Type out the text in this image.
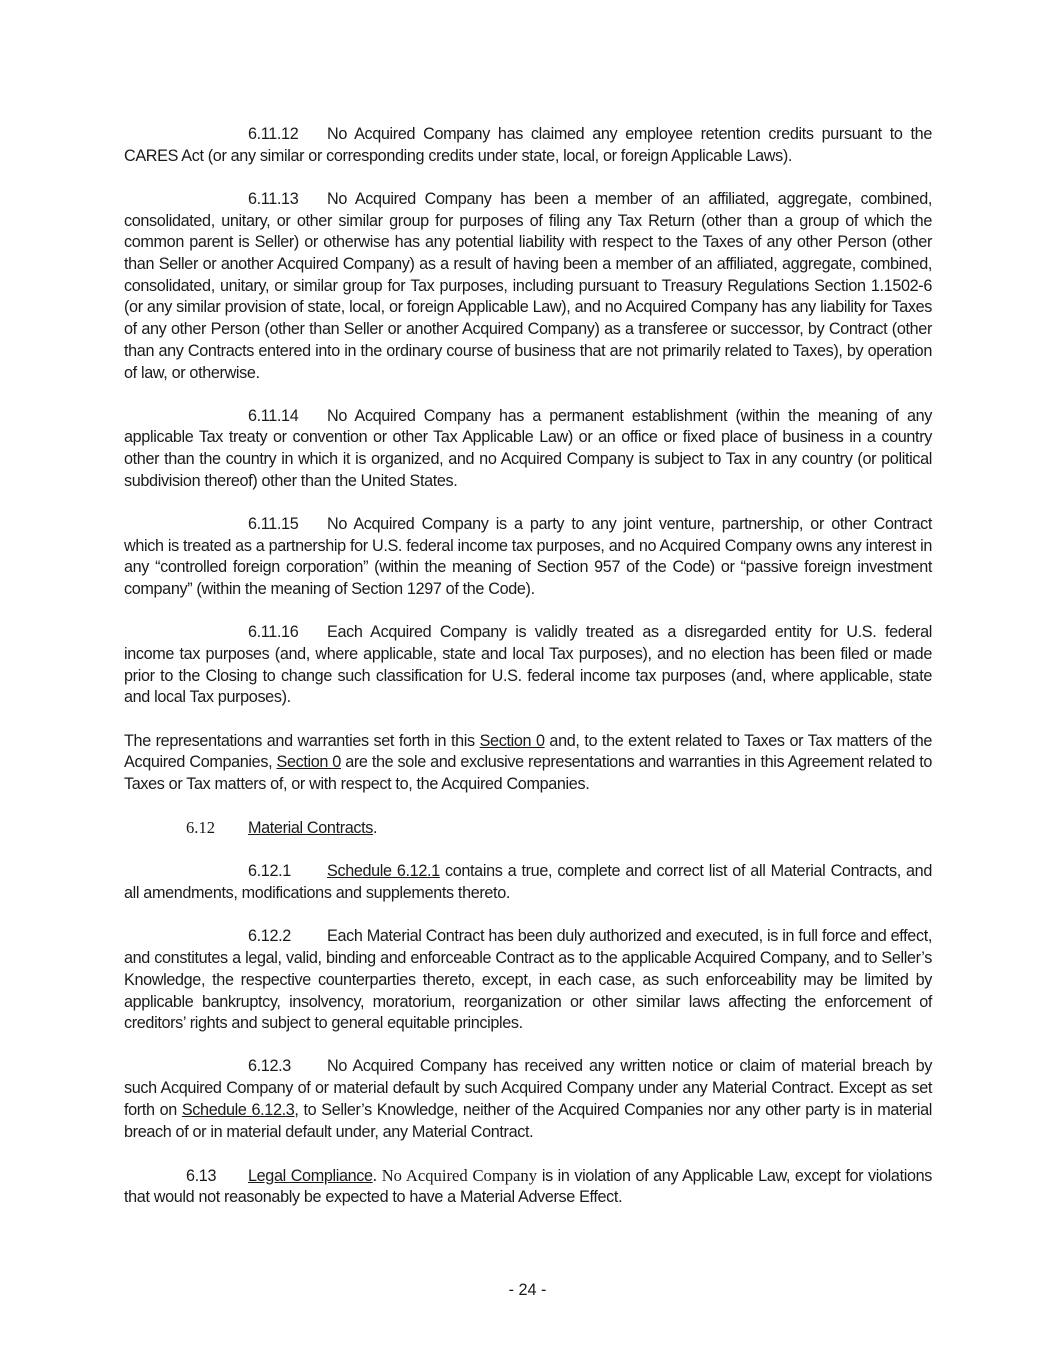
6.11.12 No Acquired Company has claimed any employee retention credits pursuant to the CARES Act (or any similar or corresponding credits under state, local, or foreign Applicable Laws).

6.11.13 No Acquired Company has been a member of an affiliated, aggregate, combined, consolidated, unitary, or other similar group for purposes of filing any Tax Return (other than a group of which the common parent is Seller) or otherwise has any potential liability with respect to the Taxes of any other Person (other than Seller or another Acquired Company) as a result of having been a member of an affiliated, aggregate, combined, consolidated, unitary, or similar group for Tax purposes, including pursuant to Treasury Regulations Section 1.1502-6 (or any similar provision of state, local, or foreign Applicable Law), and no Acquired Company has any liability for Taxes of any other Person (other than Seller or another Acquired Company) as a transferee or successor, by Contract (other than any Contracts entered into in the ordinary course of business that are not primarily related to Taxes), by operation of law, or otherwise.

6.11.14 No Acquired Company has a permanent establishment (within the meaning of any applicable Tax treaty or convention or other Tax Applicable Law) or an office or fixed place of business in a country other than the country in which it is organized, and no Acquired Company is subject to Tax in any country (or political subdivision thereof) other than the United States.

6.11.15 No Acquired Company is a party to any joint venture, partnership, or other Contract which is treated as a partnership for U.S. federal income tax purposes, and no Acquired Company owns any interest in any “controlled foreign corporation” (within the meaning of Section 957 of the Code) or “passive foreign investment company” (within the meaning of Section 1297 of the Code).

6.11.16 Each Acquired Company is validly treated as a disregarded entity for U.S. federal income tax purposes (and, where applicable, state and local Tax purposes), and no election has been filed or made prior to the Closing to change such classification for U.S. federal income tax purposes (and, where applicable, state and local Tax purposes).

The representations and warranties set forth in this Section 0 and, to the extent related to Taxes or Tax matters of the Acquired Companies, Section 0 are the sole and exclusive representations and warranties in this Agreement related to Taxes or Tax matters of, or with respect to, the Acquired Companies.

6.12 Material Contracts.

6.12.1 Schedule 6.12.1 contains a true, complete and correct list of all Material Contracts, and all amendments, modifications and supplements thereto.

6.12.2 Each Material Contract has been duly authorized and executed, is in full force and effect, and constitutes a legal, valid, binding and enforceable Contract as to the applicable Acquired Company, and to Seller’s Knowledge, the respective counterparties thereto, except, in each case, as such enforceability may be limited by applicable bankruptcy, insolvency, moratorium, reorganization or other similar laws affecting the enforcement of creditors’ rights and subject to general equitable principles.

6.12.3 No Acquired Company has received any written notice or claim of material breach by such Acquired Company of or material default by such Acquired Company under any Material Contract. Except as set forth on Schedule 6.12.3, to Seller’s Knowledge, neither of the Acquired Companies nor any other party is in material breach of or in material default under, any Material Contract.

6.13 Legal Compliance. No Acquired Company is in violation of any Applicable Law, except for violations that would not reasonably be expected to have a Material Adverse Effect.

- 24 -
